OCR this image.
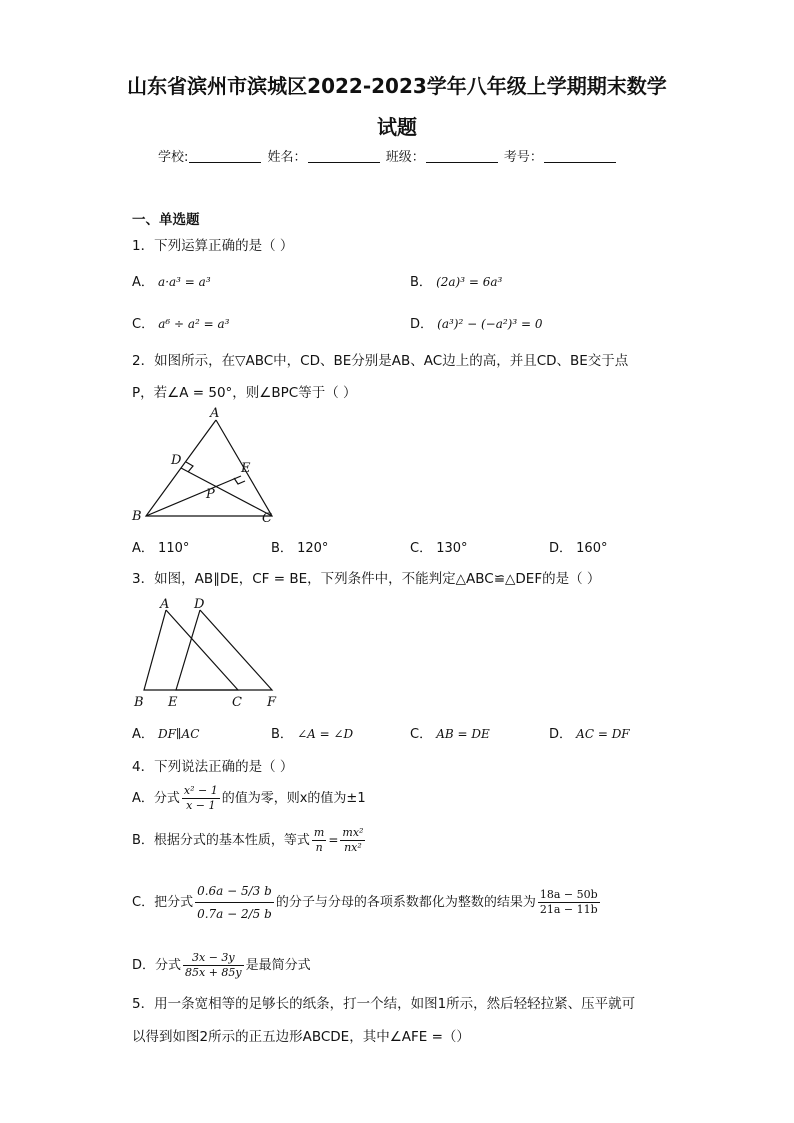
山东省滨州市滨城区2022-2023学年八年级上学期期末数学
试题
学校:	姓名：	班级：	考号：
一、单选题
1．下列运算正确的是（ ）
A． a·a³ = a³	B． (2a)³ = 6a³
C． a⁶ ÷ a² = a³	D． (a³)² − (−a²)³ = 0
2．如图所示，在▽ABC中，CD、BE分别是AB、AC边上的高，并且CD、BE交于点
P，若∠A = 50°，则∠BPC等于（ ）
A
B	C
D
E
P
A． 110°	B． 120°	C． 130°	D． 160°
3．如图，AB∥DE，CF = BE，下列条件中，不能判定△ABC≌△DEF的是（ ）
A D
B E	C F
A． DF∥AC	B． ∠A = ∠D	C． AB = DE	D． AC = DF
4．下列说法正确的是（ ）
A．分式 $\frac{\text{x² − 1}}{x - 1}$ 的值为零，则x的值为±1
B．根据分式的基本性质，等式 $\frac{m}{n} = \frac{\text{mx²}}{\text{nx²}}$
C．把分式 $\frac{0.6a - 5/3 b}{0.7a - 2/5 b}$ 的分子与分母的各项系数都化为整数的结果为 $\frac{18a - 50b}{21a - 11b}$
D．分式 $\frac{3x - 3y}{85x + 85y}$ 是最简分式
5．用一条宽相等的足够长的纸条，打一个结，如图1所示，然后轻轻拉紧、压平就可
以得到如图2所示的正五边形ABCDE，其中∠AFE =（）
